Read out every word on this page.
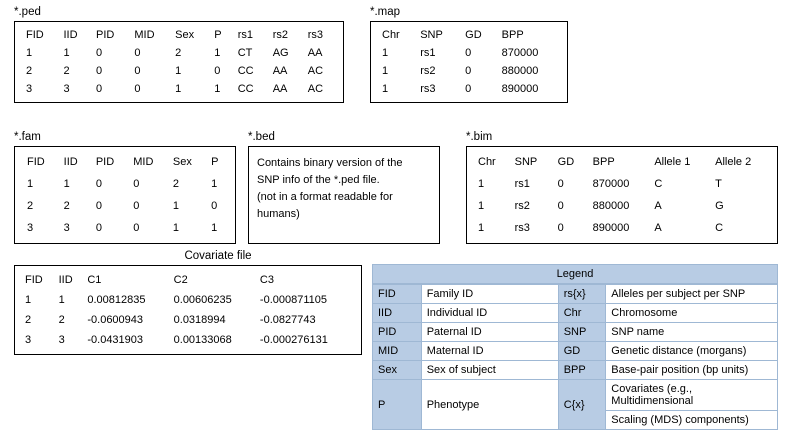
*.ped
FID	IID	PID	MID	Sex	P	rs1	rs2	rs3
1	1	0	0	2	1	CT	AG	AA
2	2	0	0	1	0	CC	AA	AC
3	3	0	0	1	1	CC	AA	AC
*.map
Chr	SNP	GD	BPP
1	rs1	0	870000
1	rs2	0	880000
1	rs3	0	890000
*.fam
FID	IID	PID	MID	Sex	P
1	1	0	0	2	1
2	2	0	0	1	0
3	3	0	0	1	1
*.bed

Contains binary version of the

SNP info of the *.ped file.

(not in a format readable for

humans)

*.bim
Chr	SNP	GD	BPP	Allele 1	Allele 2
1	rs1	0	870000	C	T
1	rs2	0	880000	A	G
1	rs3	0	890000	A	C
Covariate file
FID	IID	C1	C2	C3
1	1	0.00812835	0.00606235	-0.000871105
2	2	-0.0600943	0.0318994	-0.0827743
3	3	-0.0431903	0.00133068	-0.000276131
Legend
FID	Family ID	rs{x}	Alleles per subject per SNP
IID	Individual ID	Chr	Chromosome
PID	Paternal ID	SNP	SNP name
MID	Maternal ID	GD	Genetic distance (morgans)
Sex	Sex of subject	BPP	Base-pair position (bp units)
P	Phenotype	C{x}	Covariates (e.g., Multidimensional
			Scaling (MDS) components)
